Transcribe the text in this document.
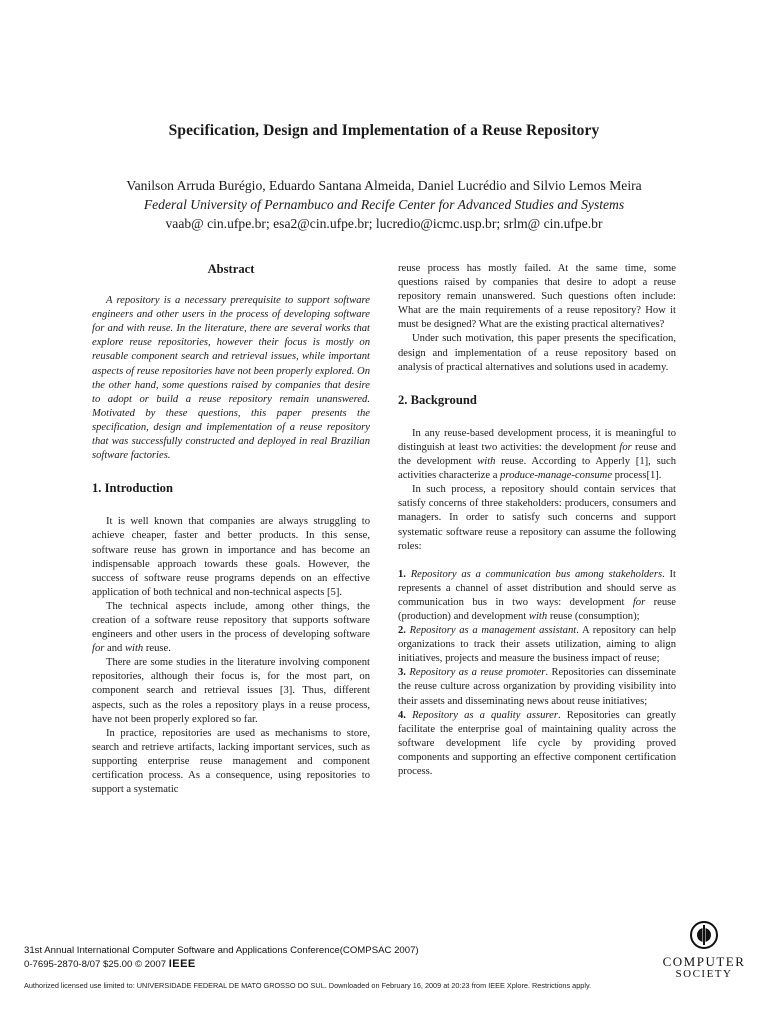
Specification, Design and Implementation of a Reuse Repository
Vanilson Arruda Burégio, Eduardo Santana Almeida, Daniel Lucrédio and Silvio Lemos Meira
Federal University of Pernambuco and Recife Center for Advanced Studies and Systems
vaab@ cin.ufpe.br; esa2@cin.ufpe.br; lucredio@icmc.usp.br; srlm@ cin.ufpe.br
Abstract

A repository is a necessary prerequisite to support software engineers and other users in the process of developing software for and with reuse. In the literature, there are several works that explore reuse repositories, however their focus is mostly on reusable component search and retrieval issues, while important aspects of reuse repositories have not been properly explored. On the other hand, some questions raised by companies that desire to adopt or build a reuse repository remain unanswered. Motivated by these questions, this paper presents the specification, design and implementation of a reuse repository that was successfully constructed and deployed in real Brazilian software factories.

1. Introduction

It is well known that companies are always struggling to achieve cheaper, faster and better products. In this sense, software reuse has grown in importance and has become an indispensable approach towards these goals. However, the success of software reuse programs depends on an effective application of both technical and non-technical aspects [5].

The technical aspects include, among other things, the creation of a software reuse repository that supports software engineers and other users in the process of developing software for and with reuse.

There are some studies in the literature involving component repositories, although their focus is, for the most part, on component search and retrieval issues [3]. Thus, different aspects, such as the roles a repository plays in a reuse process, have not been properly explored so far.

In practice, repositories are used as mechanisms to store, search and retrieve artifacts, lacking important services, such as supporting enterprise reuse management and component certification process. As a consequence, using repositories to support a systematic

reuse process has mostly failed. At the same time, some questions raised by companies that desire to adopt a reuse repository remain unanswered. Such questions often include: What are the main requirements of a reuse repository? How it must be designed? What are the existing practical alternatives?

Under such motivation, this paper presents the specification, design and implementation of a reuse repository based on analysis of practical alternatives and solutions used in academy.

2. Background

In any reuse-based development process, it is meaningful to distinguish at least two activities: the development for reuse and the development with reuse. According to Apperly [1], such activities characterize a produce-manage-consume process[1].

In such process, a repository should contain services that satisfy concerns of three stakeholders: producers, consumers and managers. In order to satisfy such concerns and support systematic software reuse a repository can assume the following roles:

1. Repository as a communication bus among stakeholders. It represents a channel of asset distribution and should serve as communication bus in two ways: development for reuse (production) and development with reuse (consumption);

2. Repository as a management assistant. A repository can help organizations to track their assets utilization, aiming to align initiatives, projects and measure the business impact of reuse;

3. Repository as a reuse promoter. Repositories can disseminate the reuse culture across organization by providing visibility into their assets and disseminating news about reuse initiatives;

4. Repository as a quality assurer. Repositories can greatly facilitate the enterprise goal of maintaining quality across the software development life cycle by providing proved components and supporting an effective component certification process.

31st Annual International Computer Software and Applications Conference(COMPSAC 2007)
0-7695-2870-8/07 $25.00 © 2007 IEEE	COMPUTER
SOCIETY
Authorized licensed use limited to: UNIVERSIDADE FEDERAL DE MATO GROSSO DO SUL. Downloaded on February 16, 2009 at 20:23 from IEEE Xplore. Restrictions apply.
